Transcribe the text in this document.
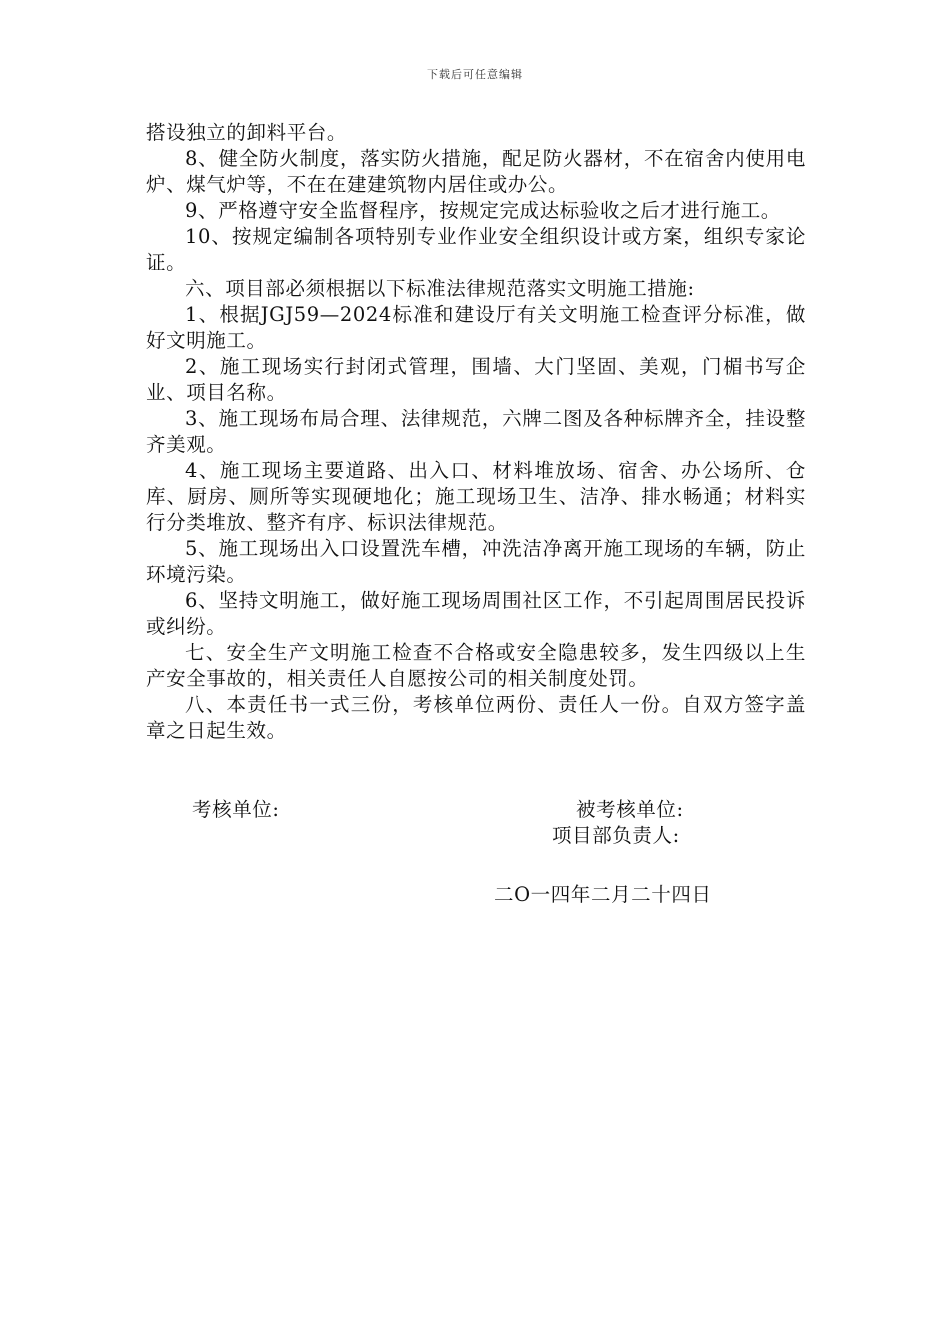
下载后可任意编辑

搭设独立的卸料平台。

8、健全防火制度，落实防火措施，配足防火器材，不在宿舍内使用电炉、煤气炉等，不在在建建筑物内居住或办公。

9、严格遵守安全监督程序，按规定完成达标验收之后才进行施工。

10、按规定编制各项特别专业作业安全组织设计或方案，组织专家论证。

六、项目部必须根据以下标准法律规范落实文明施工措施:

1、根据JGJ59—2024标准和建设厅有关文明施工检查评分标准，做好文明施工。

2、施工现场实行封闭式管理，围墙、大门坚固、美观，门楣书写企业、项目名称。

3、施工现场布局合理、法律规范，六牌二图及各种标牌齐全，挂设整齐美观。

4、施工现场主要道路、出入口、材料堆放场、宿舍、办公场所、仓库、厨房、厕所等实现硬地化；施工现场卫生、洁净、排水畅通；材料实行分类堆放、整齐有序、标识法律规范。

5、施工现场出入口设置洗车槽，冲洗洁净离开施工现场的车辆，防止环境污染。

6、坚持文明施工，做好施工现场周围社区工作，不引起周围居民投诉或纠纷。

七、安全生产文明施工检查不合格或安全隐患较多，发生四级以上生产安全事故的，相关责任人自愿按公司的相关制度处罚。

八、本责任书一式三份，考核单位两份、责任人一份。自双方签字盖章之日起生效。

考核单位:	被考核单位:
项目部负责人:
二O一四年二月二十四日
